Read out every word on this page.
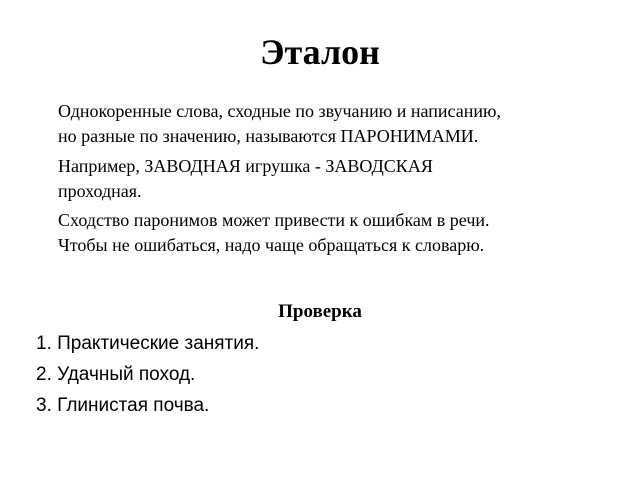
Эталон
Однокоренные слова, сходные по звучанию и написанию,
но разные по значению, называются ПАРОНИМАМИ.
Например, ЗАВОДНАЯ игрушка - ЗАВОДСКАЯ
проходная.
Сходство паронимов может привести к ошибкам в речи.
Чтобы не ошибаться, надо чаще обращаться к словарю.
Проверка
1. Практические занятия.
2. Удачный поход.
3. Глинистая почва.
